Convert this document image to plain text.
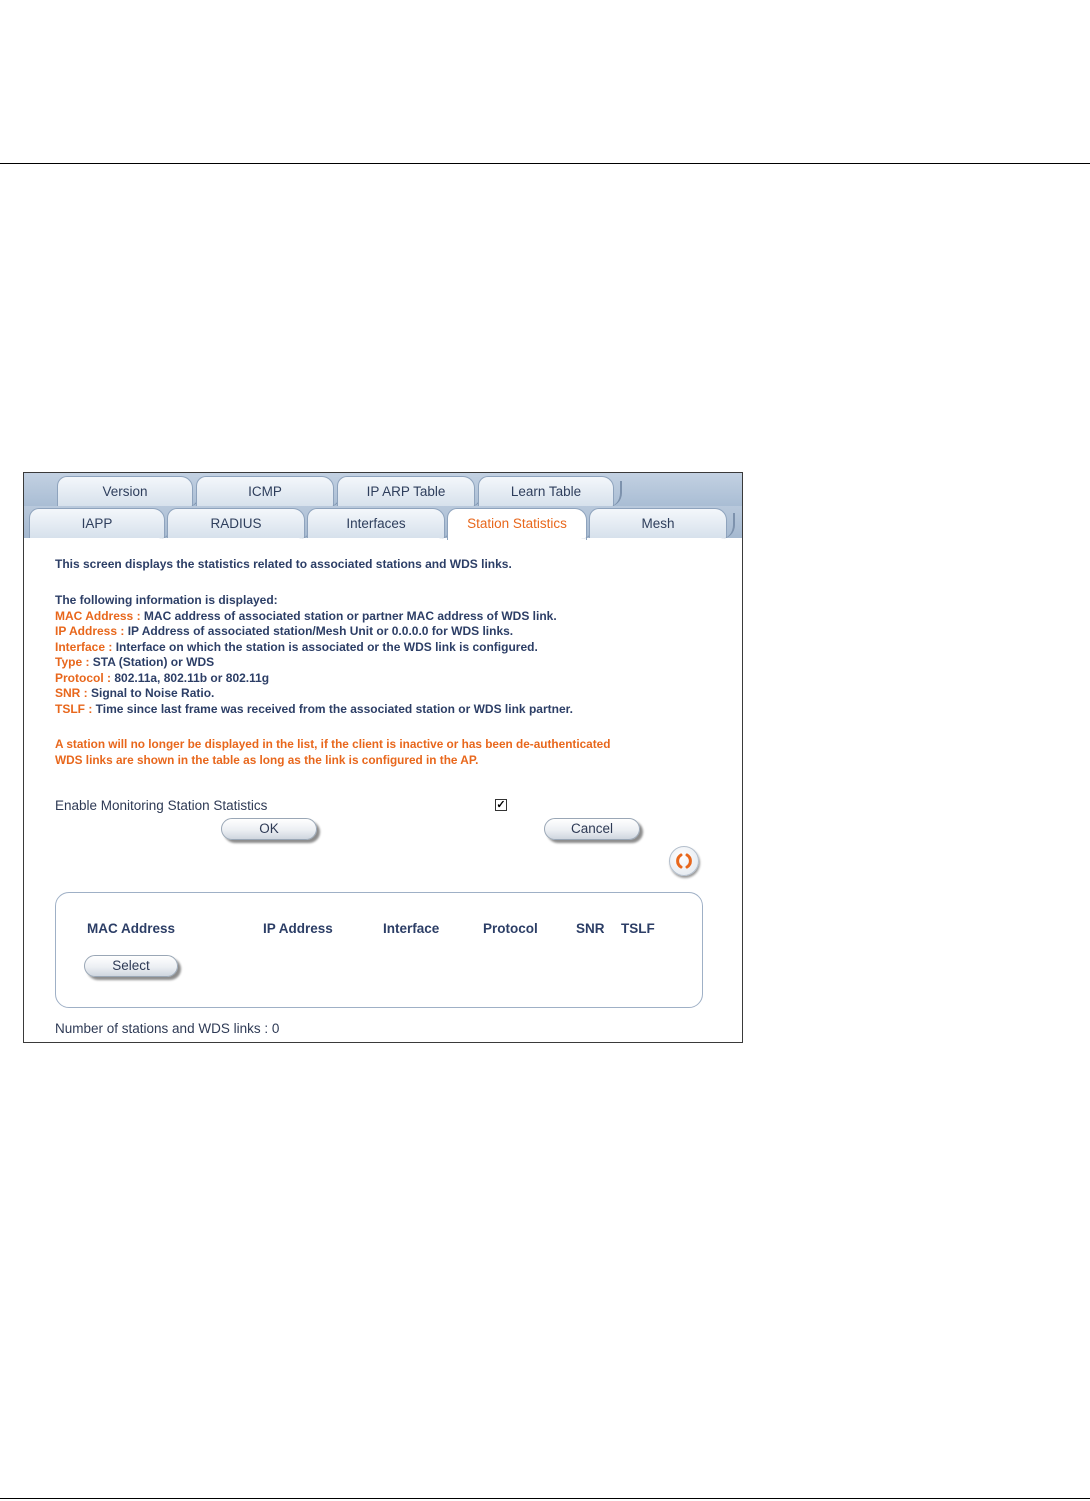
Version	ICMP	IP ARP Table	Learn Table
IAPP	RADIUS	Interfaces	Station Statistics	Mesh
This screen displays the statistics related to associated stations and WDS links.
The following information is displayed:
MAC Address : MAC address of associated station or partner MAC address of WDS link.
IP Address : IP Address of associated station/Mesh Unit or 0.0.0.0 for WDS links.
Interface : Interface on which the station is associated or the WDS link is configured.
Type : STA (Station) or WDS
Protocol : 802.11a, 802.11b or 802.11g
SNR : Signal to Noise Ratio.
TSLF : Time since last frame was received from the associated station or WDS link partner.
A station will no longer be displayed in the list, if the client is inactive or has been de-authenticated
WDS links are shown in the table as long as the link is configured in the AP.
Enable Monitoring Station Statistics	✓
OK	Cancel
MAC Address	IP Address	Interface	Protocol	SNR TSLF
Select
Number of stations and WDS links : 0
